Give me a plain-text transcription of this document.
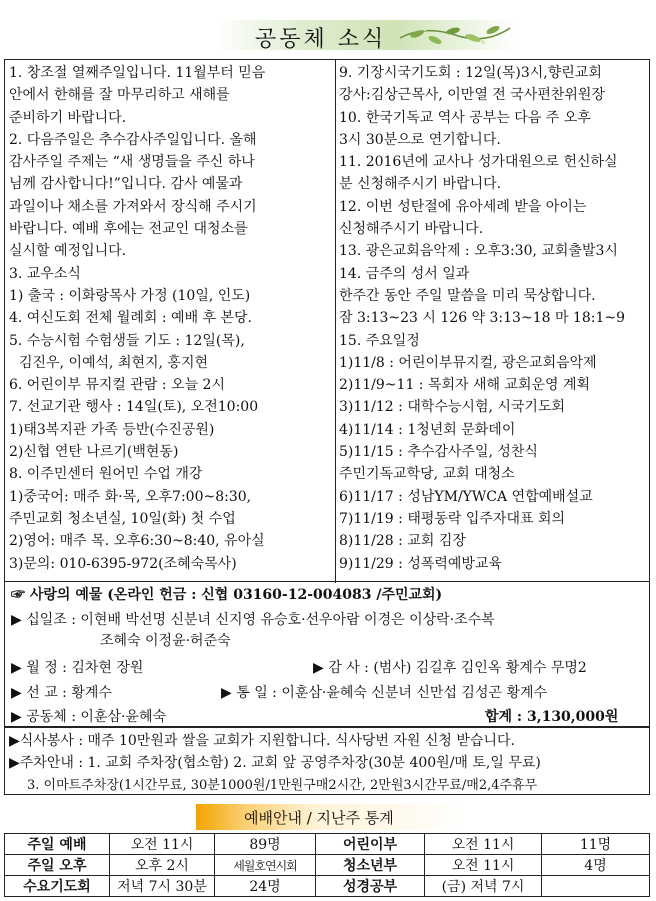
공동체 소식
1. 창조절 열째주일입니다. 11월부터 믿음
안에서 한해를 잘 마무리하고 새해를
준비하기 바랍니다.
2. 다음주일은 추수감사주일입니다. 올해
감사주일 주제는 “새 생명들을 주신 하나
님께 감사합니다!”입니다. 감사 예물과
과일이나 채소를 가져와서 장식해 주시기
바랍니다. 예배 후에는 전교인 대청소를
실시할 예정입니다.
3. 교우소식
1) 출국 : 이화랑목사 가정 (10일, 인도)
4. 여신도회 전체 월례회 : 예배 후 본당.
5. 수능시험 수험생들 기도 : 12일(목),
김진우, 이예석, 최현지, 홍지현
6. 어린이부 뮤지컬 관람 : 오늘 2시
7. 선교기관 행사 : 14일(토), 오전10:00
1)태3복지관 가족 등반(수진공원)
2)신협 연탄 나르기(백현동)
8. 이주민센터 원어민 수업 개강
1)중국어: 매주 화·목, 오후7:00~8:30,
주민교회 청소년실, 10일(화) 첫 수업
2)영어: 매주 목. 오후6:30~8:40, 유아실
3)문의: 010-6395-972(조혜숙목사)
9. 기장시국기도회 : 12일(목)3시,향린교회
강사:김상근목사, 이만열 전 국사편찬위원장
10. 한국기독교 역사 공부는 다음 주 오후
3시 30분으로 연기합니다.
11. 2016년에 교사나 성가대원으로 헌신하실
분 신청해주시기 바랍니다.
12. 이번 성탄절에 유아세례 받을 아이는
신청해주시기 바랍니다.
13. 광은교회음악제 : 오후3:30, 교회출발3시
14. 금주의 성서 일과
한주간 동안 주일 말씀을 미리 묵상합니다.
잠 3:13~23 시 126 약 3:13~18 마 18:1~9
15. 주요일정
1)11/8 : 어린이부뮤지컬, 광은교회음악제
2)11/9~11 : 목회자 새해 교회운영 계획
3)11/12 : 대학수능시험, 시국기도회
4)11/14 : 1청년회 문화데이
5)11/15 : 추수감사주일, 성찬식
주민기독교학당, 교회 대청소
6)11/17 : 성남YM/YWCA 연합예배설교
7)11/19 : 태평동락 입주자대표 회의
8)11/28 : 교회 김장
9)11/29 : 성폭력예방교육
☞ 사랑의 예물 (온라인 헌금 : 신협 03160-12-004083 /주민교회)
▶ 십일조 : 이현배 박선명 신분녀 신지영 유승호·선우아람 이경은 이상락·조수복
조혜숙 이정윤·허준숙
▶ 월 정 : 김차현 장원	▶ 감 사 : (범사) 김길후 김인옥 황계수 무명2
▶ 선 교 : 황계수	▶ 통 일 : 이훈삼·윤혜숙 신분녀 신만섭 김성곤 황계수
▶ 공동체 : 이훈삼·윤혜숙	합계 : 3,130,000원
▶식사봉사 : 매주 10만원과 쌀을 교회가 지원합니다. 식사당번 자원 신청 받습니다.
▶주차안내 : 1. 교회 주차장(협소함) 2. 교회 앞 공영주차장(30분 400원/매 토,일 무료)
3. 이마트주차장(1시간무료, 30분1000원/1만원구매2시간, 2만원3시간무료/매2,4주휴무
예배안내 / 지난주 통계
주일 예배	오전 11시	89명	어린이부	오전 11시	11명
주일 오후	오후 2시	세월호연시회	청소년부	오전 11시	4명
수요기도회	저녁 7시 30분	24명	성경공부	(금) 저녁 7시	
